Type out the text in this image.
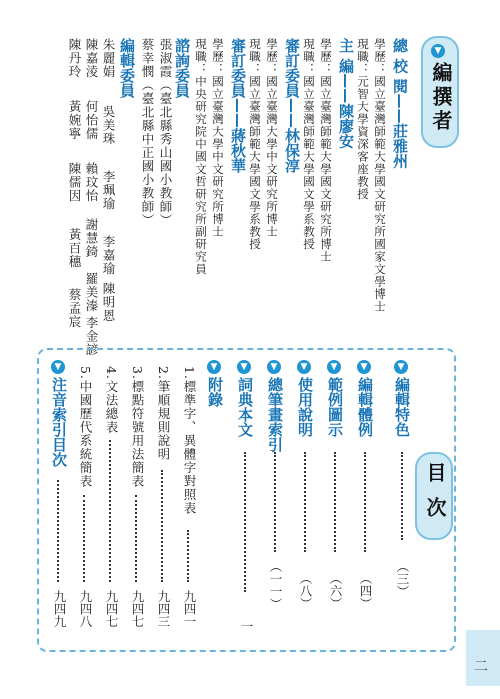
▼
編撰者
總 校 閱——莊雅州
學歷：國立臺灣師範大學國文研究所國家文學博士
現職：元智大學資深客座教授
主 編——陳廖安
學歷：國立臺灣師範大學國文研究所博士
現職：國立臺灣師範大學國文學系教授
審訂委員——林保淳
學歷：國立臺灣大學中文研究所博士
現職：國立臺灣師範大學國文學系教授
審訂委員——蔣秋華
學歷：國立臺灣大學中文研究所博士
現職：中央研究院中國文哲研究所副研究員
諮詢委員
張淑霞（臺北縣秀山國小教師）
蔡幸憫（臺北縣中正國小教師）
編輯委員
朱麗娟
吳美珠
李珮瑜
李嘉瑜
陳明恩
陳嘉淩
何怡儒
賴玟怡
謝慧錡
羅美溱
李金諺
陳丹玲
黃婉寧
陳儒因
黃百穗
蔡孟宸
目 次
▼
編輯特色
▼
編輯體例
▼
範例圖示
▼
使用說明
▼
總筆畫索引
▼
詞典本文
（三）
（四）
（六）
（八）
（一一）
一
▼
附錄
1.標準字、異體字對照表
九四一
2.筆順規則說明
九四三
3.標點符號用法簡表
九四七
4.文法總表
九四七
5.中國歷代系統簡表
九四八
▼
注音索引目次
九四九
二
